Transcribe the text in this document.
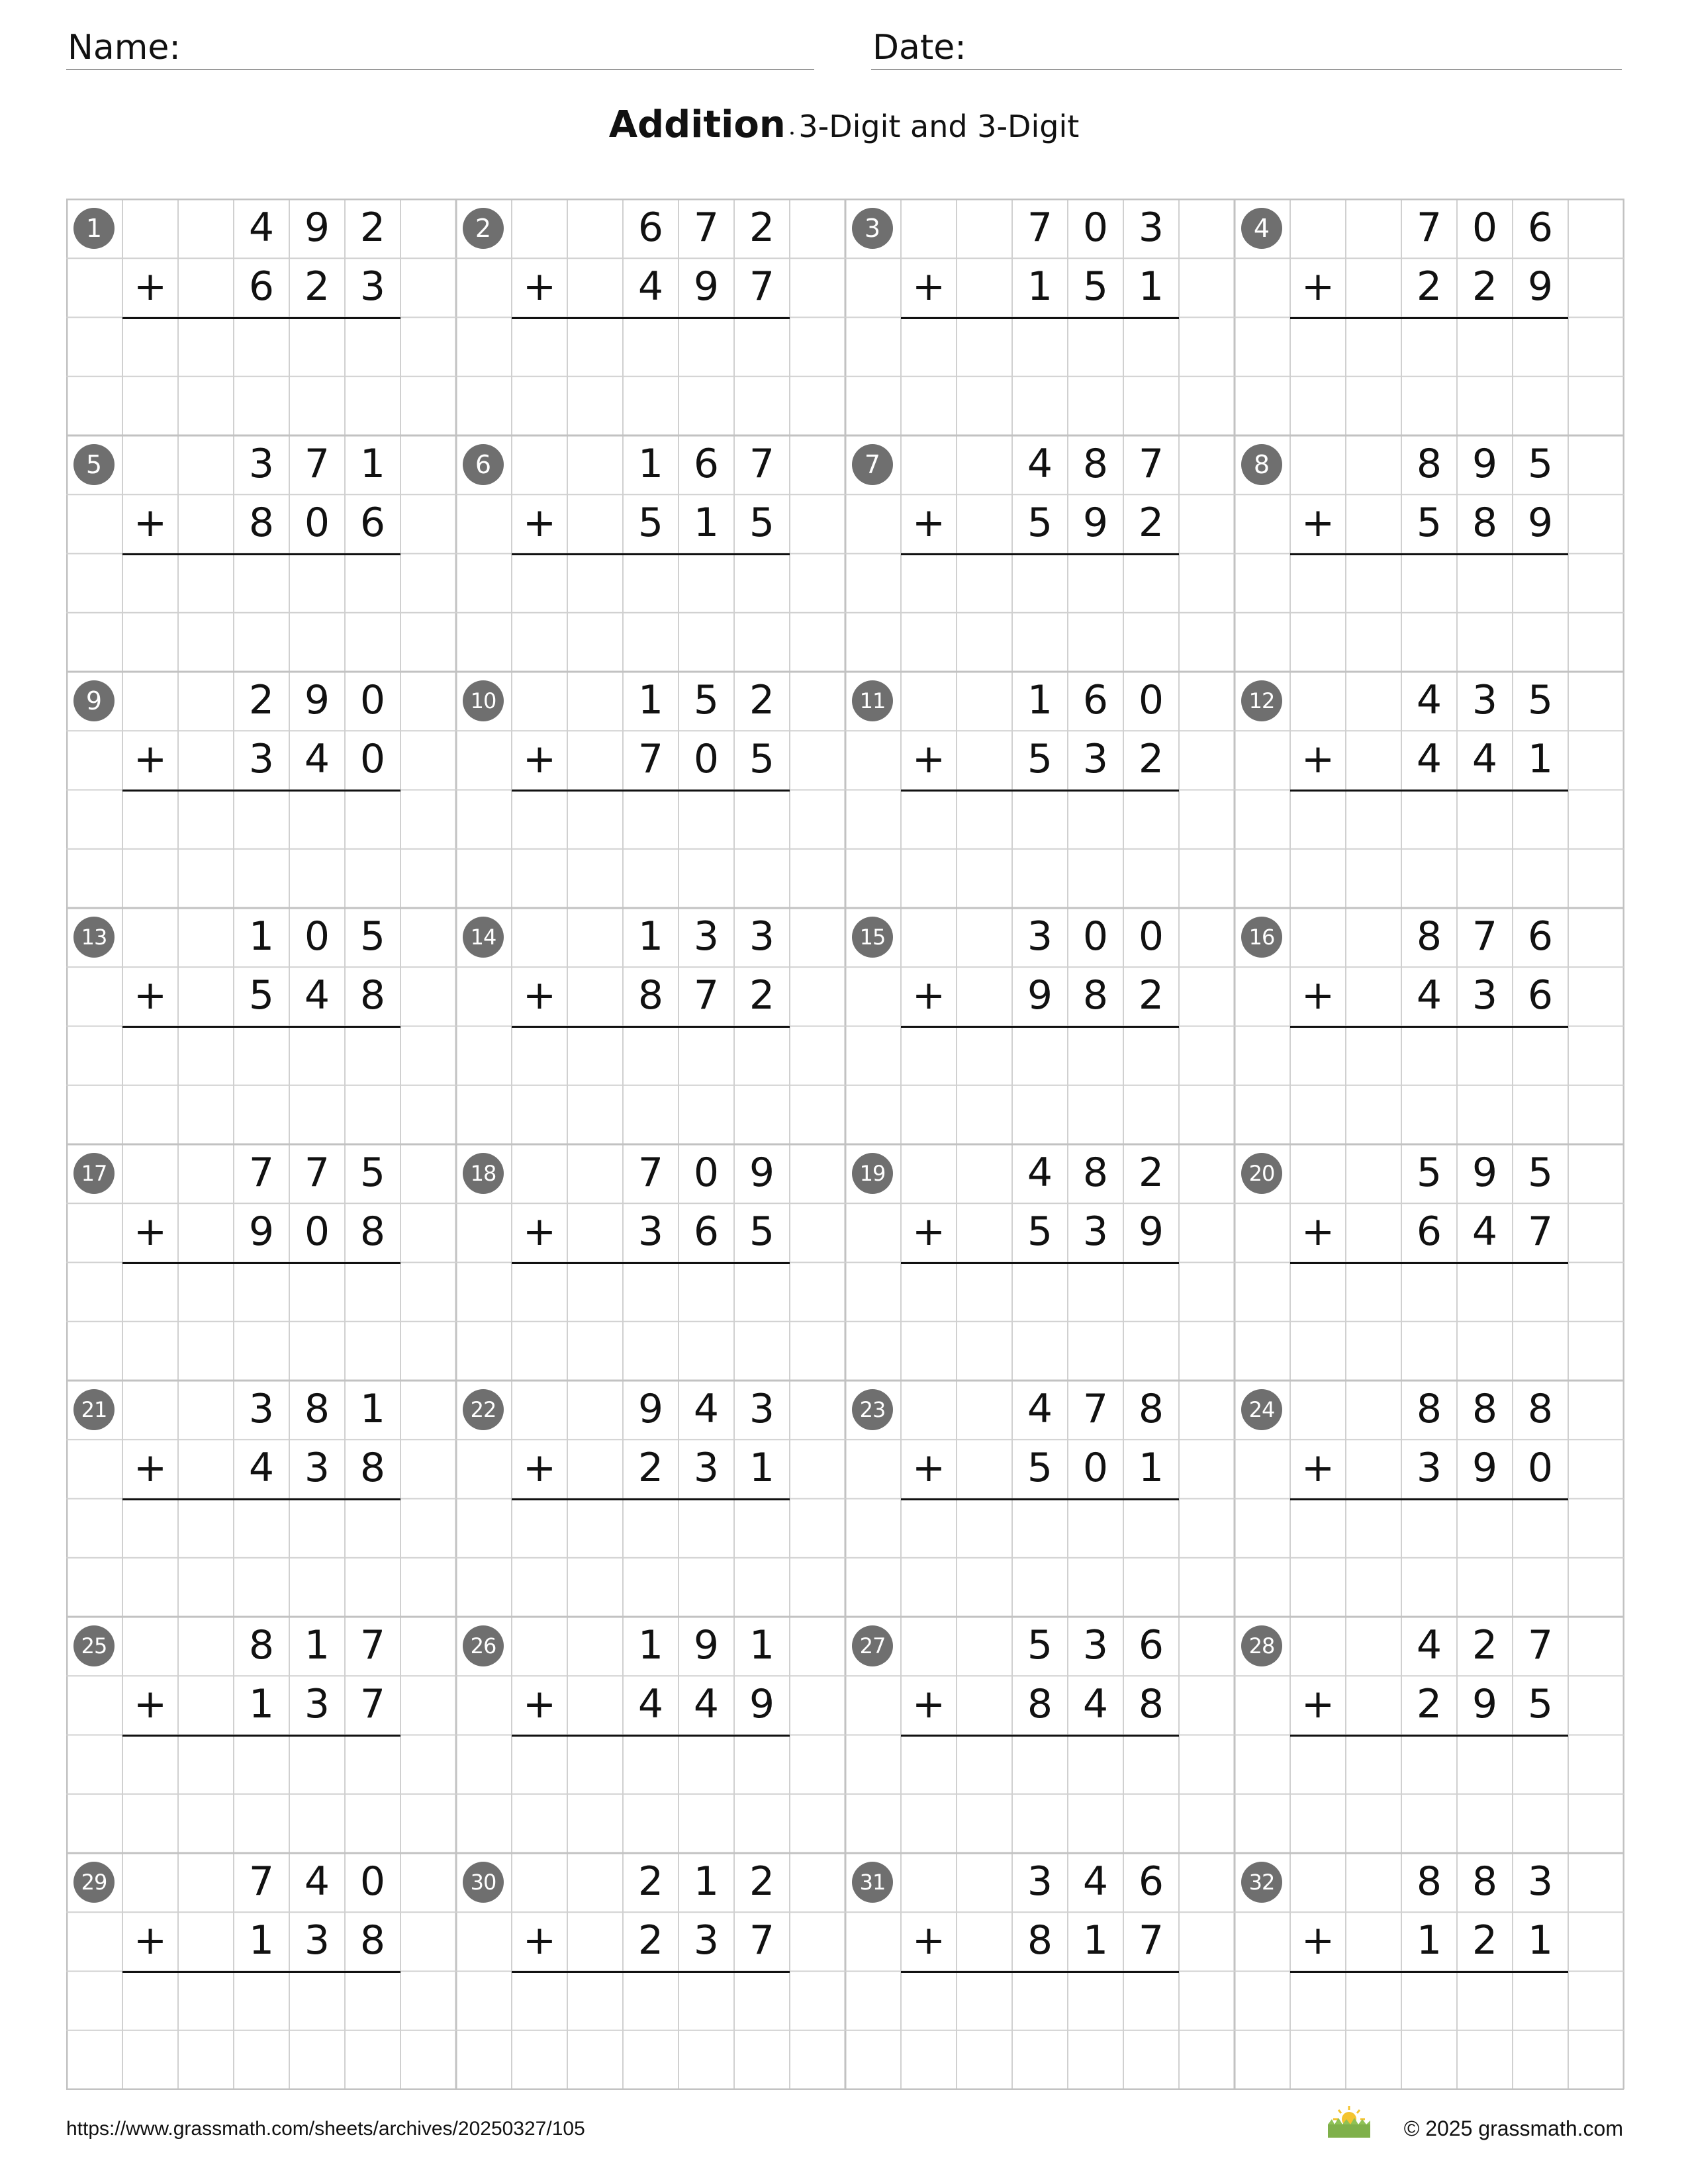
Name:	Date:
Addition • 3-Digit and 3-Digit
1	4 9 2
6 2 3
+
2	6 7 2
4 9 7
+
3	7 0 3
1 5 1
+
4	7 0 6
2 2 9
+
5	3 7 1
8 0 6
+
6	1 6 7
5 1 5
+
7	4 8 7
5 9 2
+
8	8 9 5
5 8 9
+
9	2 9 0
3 4 0
+
10	1 5 2
7 0 5
+
11	1 6 0
5 3 2
+
12	4 3 5
4 4 1
+
13	1 0 5
5 4 8
+
14	1 3 3
8 7 2
+
15	3 0 0
9 8 2
+
16	8 7 6
4 3 6
+
17	7 7 5
9 0 8
+
18	7 0 9
3 6 5
+
19	4 8 2
5 3 9
+
20	5 9 5
6 4 7
+
21	3 8 1
4 3 8
+
22	9 4 3
2 3 1
+
23	4 7 8
5 0 1
+
24	8 8 8
3 9 0
+
25	8 1 7
1 3 7
+
26	1 9 1
4 4 9
+
27	5 3 6
8 4 8
+
28	4 2 7
2 9 5
+
29	7 4 0
1 3 8
+
30	2 1 2
2 3 7
+
31	3 4 6
8 1 7
+
32	8 8 3
1 2 1
+
https://www.grassmath.com/sheets/archives/20250327/105	© 2025 grassmath.com
